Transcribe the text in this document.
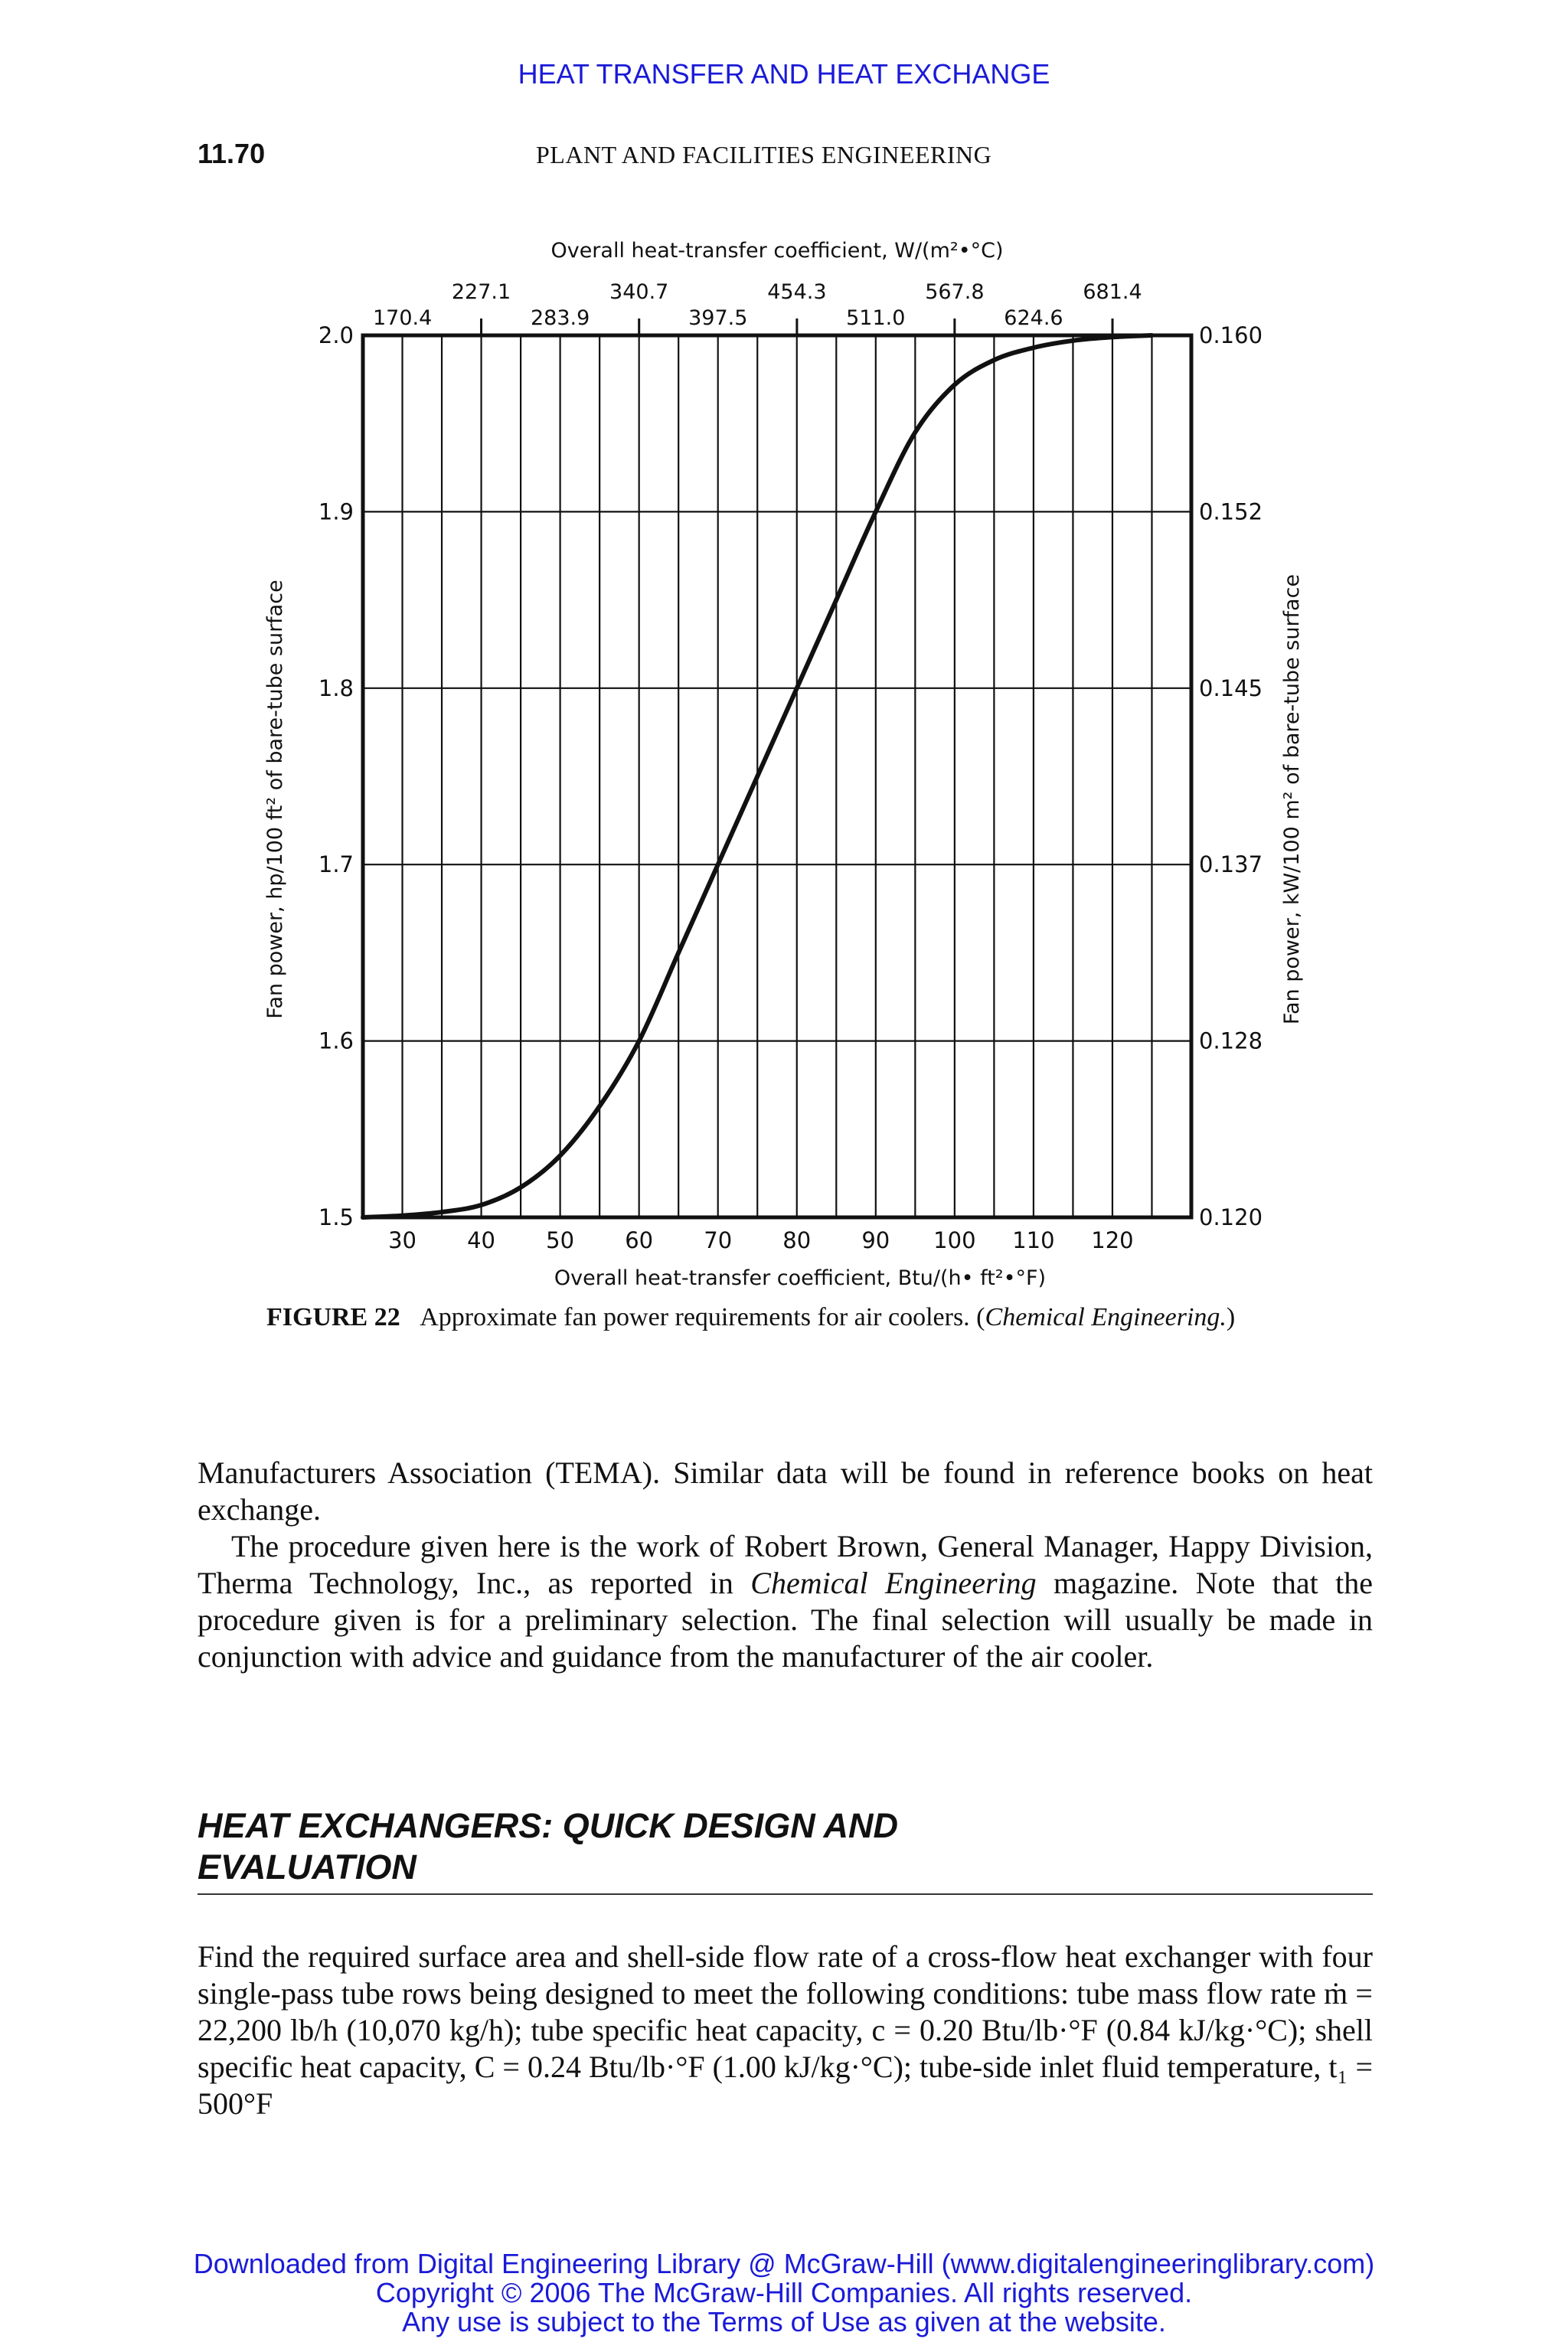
HEAT TRANSFER AND HEAT EXCHANGE
11.70	PLANT AND FACILITIES ENGINEERING
30 40 50 60 70 80 90 100 110 120
1.5
1.6
1.7
1.8
1.9
2.0
0.120
0.128
0.137
0.145
0.152
0.160
227.1	340.7	454.3	567.8	681.4
170.4	283.9	397.5	511.0	624.6
Overall heat-transfer coefficient, Btu/(h• ft²•°F)
Overall heat-transfer coefficient, W/(m²•°C)
Fan power, hp/100 ft² of bare-tube surface	Fan power, kW/100 m² of bare-tube surface
FIGURE 22 Approximate fan power requirements for air coolers. (Chemical Engineering.)
Manufacturers Association (TEMA). Similar data will be found in reference books on heat exchange.
The procedure given here is the work of Robert Brown, General Manager, Happy Division, Therma Technology, Inc., as reported in Chemical Engineering magazine. Note that the procedure given is for a preliminary selection. The final selection will usually be made in conjunction with advice and guidance from the manufacturer of the air cooler.
HEAT EXCHANGERS: QUICK DESIGN AND
EVALUATION
Find the required surface area and shell-side flow rate of a cross-flow heat exchanger with four single-pass tube rows being designed to meet the following conditions: tube mass flow rate ṁ = 22,200 lb/h (10,070 kg/h); tube specific heat capacity, c = 0.20 Btu/lb·°F (0.84 kJ/kg·°C); shell specific heat capacity, C = 0.24 Btu/lb·°F (1.00 kJ/kg·°C); tube-side inlet fluid temperature, t₁ = 500°F
Downloaded from Digital Engineering Library @ McGraw-Hill (www.digitalengineeringlibrary.com)
Copyright © 2006 The McGraw-Hill Companies. All rights reserved.
Any use is subject to the Terms of Use as given at the website.
